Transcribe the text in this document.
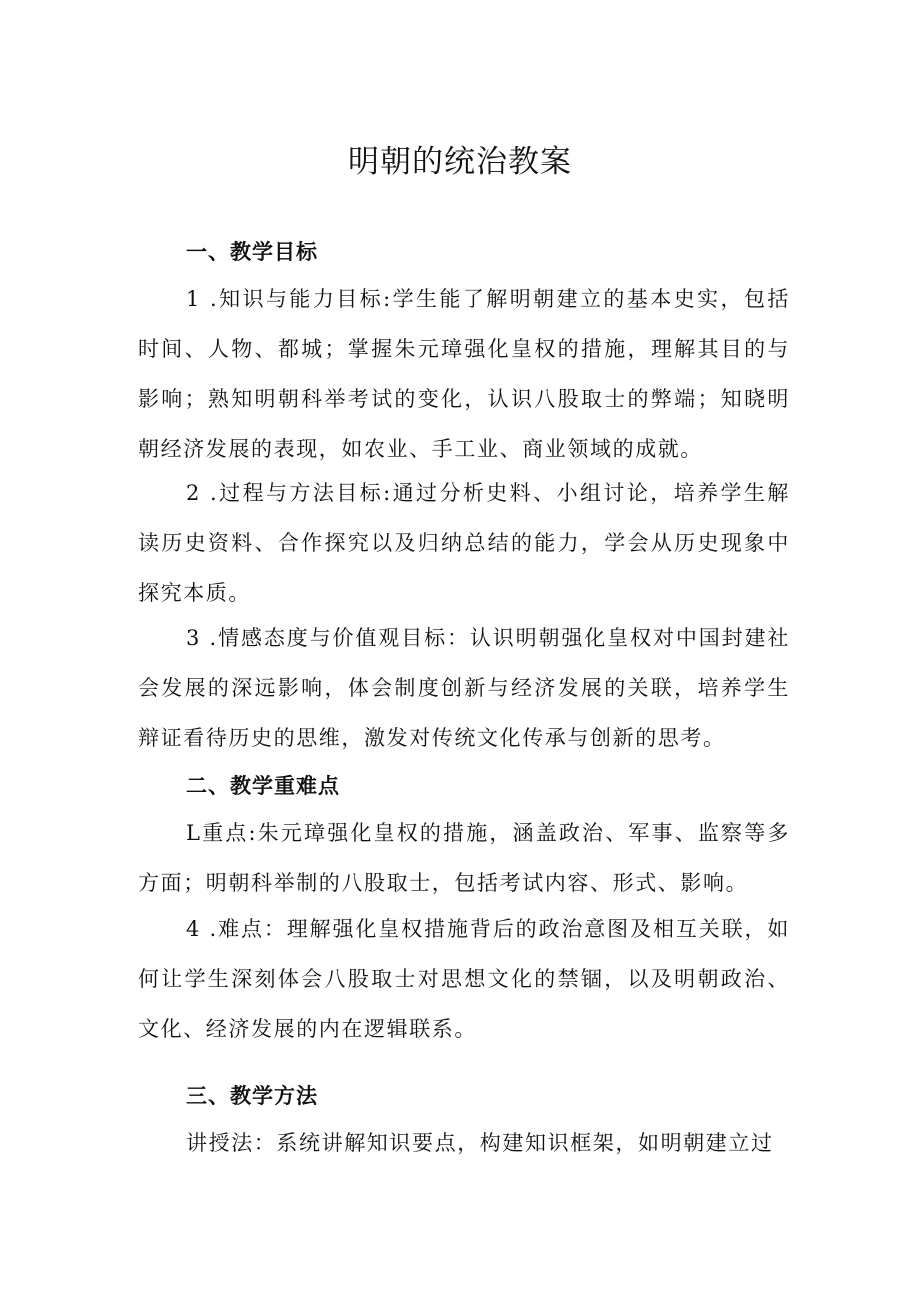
明朝的统治教案
一、教学目标
1 .知识与能力目标:学生能了解明朝建立的基本史实，包括时间、人物、都城；掌握朱元璋强化皇权的措施，理解其目的与影响；熟知明朝科举考试的变化，认识八股取士的弊端；知晓明朝经济发展的表现，如农业、手工业、商业领域的成就。
2 .过程与方法目标:通过分析史料、小组讨论，培养学生解读历史资料、合作探究以及归纳总结的能力，学会从历史现象中探究本质。
3 .情感态度与价值观目标：认识明朝强化皇权对中国封建社会发展的深远影响，体会制度创新与经济发展的关联，培养学生辩证看待历史的思维，激发对传统文化传承与创新的思考。
二、教学重难点
L重点:朱元璋强化皇权的措施，涵盖政治、军事、监察等多方面；明朝科举制的八股取士，包括考试内容、形式、影响。
4 .难点：理解强化皇权措施背后的政治意图及相互关联，如何让学生深刻体会八股取士对思想文化的禁锢，以及明朝政治、文化、经济发展的内在逻辑联系。
三、教学方法
讲授法：系统讲解知识要点，构建知识框架，如明朝建立过
